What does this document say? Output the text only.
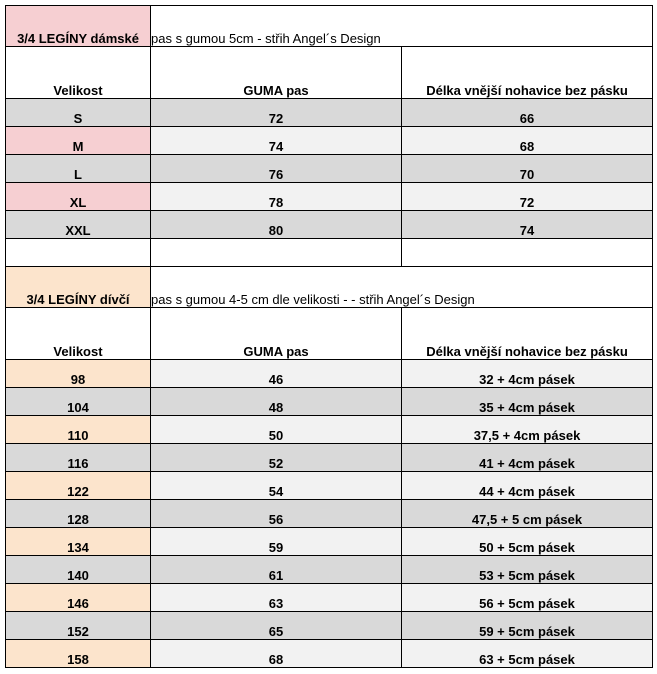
3/4 LEGÍNY dámské	pas s gumou 5cm - střih Angel´s Design	
Velikost	GUMA pas	Délka vnější nohavice bez pásku
S	72	66
M	74	68
L	76	70
XL	78	72
XXL	80	74

3/4 LEGÍNY dívčí	pas s gumou 4-5 cm dle velikosti - - střih Angel´s Design	
Velikost	GUMA pas	Délka vnější nohavice bez pásku
98	46	32 + 4cm pásek
104	48	35 + 4cm pásek
110	50	37,5 + 4cm pásek
116	52	41 + 4cm pásek
122	54	44 + 4cm pásek
128	56	47,5 + 5 cm pásek
134	59	50 + 5cm pásek
140	61	53 + 5cm pásek
146	63	56 + 5cm pásek
152	65	59 + 5cm pásek
158	68	63 + 5cm pásek
